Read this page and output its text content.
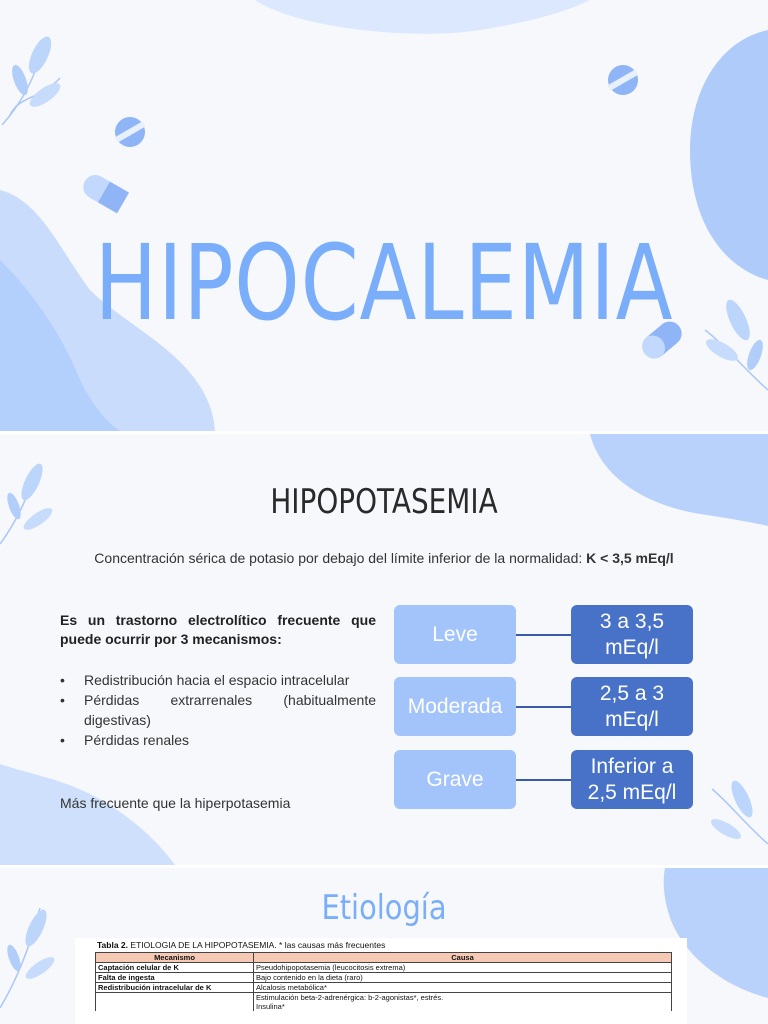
HIPOCALEMIA
HIPOPOTASEMIA
Concentración sérica de potasio por debajo del límite inferior de la normalidad: K < 3,5 mEq/l
Es un trastorno electrolítico frecuente que puede ocurrir por 3 mecanismos:
• Redistribución hacia el espacio intracelular
• Pérdidas extrarrenales (habitualmente digestivas)
• Pérdidas renales
Más frecuente que la hiperpotasemia
Leve
3 a 3,5
mEq/l
Moderada
2,5 a 3
mEq/l
Grave
Inferior a
2,5 mEq/l
Etiología
Tabla 2. ETIOLOGIA DE LA HIPOPOTASEMIA. * las causas más frecuentes
Mecanismo	Causa
Captación celular de K	Pseudohipopotasemia (leucocitosis extrema)
Falta de ingesta	Bajo contenido en la dieta (raro)
Redistribución intracelular de K	Alcalosis metabólica*
	Estimulación beta-2-adrenérgica: b-2-agonistas*, estrés.
	Insulina*
